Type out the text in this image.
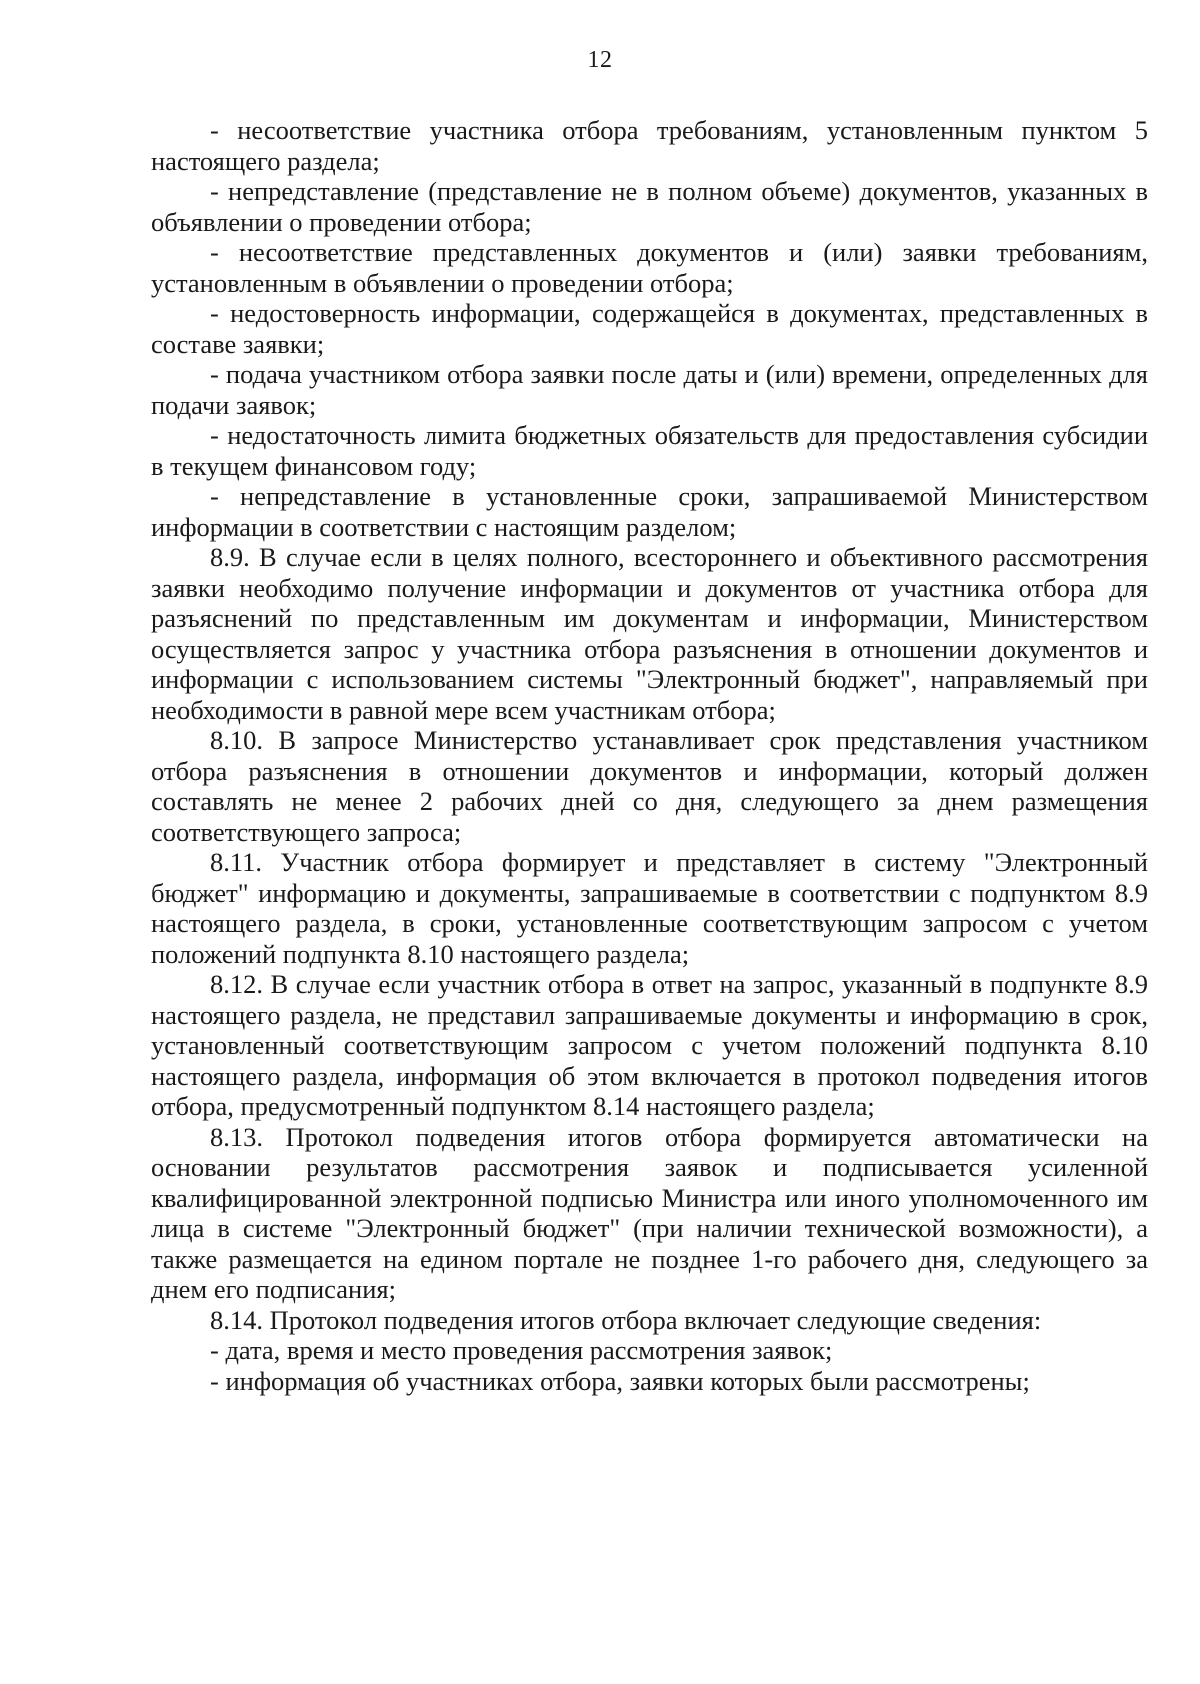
12

- несоответствие участника отбора требованиям, установленным пунктом 5 настоящего раздела;

- непредставление (представление не в полном объеме) документов, указанных в объявлении о проведении отбора;

- несоответствие представленных документов и (или) заявки требованиям, установленным в объявлении о проведении отбора;

- недостоверность информации, содержащейся в документах, представленных в составе заявки;

- подача участником отбора заявки после даты и (или) времени, определенных для подачи заявок;

- недостаточность лимита бюджетных обязательств для предоставления субсидии в текущем финансовом году;

- непредставление в установленные сроки, запрашиваемой Министерством информации в соответствии с настоящим разделом;

8.9. В случае если в целях полного, всестороннего и объективного рассмотрения заявки необходимо получение информации и документов от участника отбора для разъяснений по представленным им документам и информации, Министерством осуществляется запрос у участника отбора разъяснения в отношении документов и информации с использованием системы "Электронный бюджет", направляемый при необходимости в равной мере всем участникам отбора;

8.10. В запросе Министерство устанавливает срок представления участником отбора разъяснения в отношении документов и информации, который должен составлять не менее 2 рабочих дней со дня, следующего за днем размещения соответствующего запроса;

8.11. Участник отбора формирует и представляет в систему "Электронный бюджет" информацию и документы, запрашиваемые в соответствии с подпунктом 8.9 настоящего раздела, в сроки, установленные соответствующим запросом с учетом положений подпункта 8.10 настоящего раздела;

8.12. В случае если участник отбора в ответ на запрос, указанный в подпункте 8.9 настоящего раздела, не представил запрашиваемые документы и информацию в срок, установленный соответствующим запросом с учетом положений подпункта 8.10 настоящего раздела, информация об этом включается в протокол подведения итогов отбора, предусмотренный подпунктом 8.14 настоящего раздела;

8.13. Протокол подведения итогов отбора формируется автоматически на основании результатов рассмотрения заявок и подписывается усиленной квалифицированной электронной подписью Министра или иного уполномоченного им лица в системе "Электронный бюджет" (при наличии технической возможности), а также размещается на едином портале не позднее 1-го рабочего дня, следующего за днем его подписания;

8.14. Протокол подведения итогов отбора включает следующие сведения:

- дата, время и место проведения рассмотрения заявок;

- информация об участниках отбора, заявки которых были рассмотрены;
